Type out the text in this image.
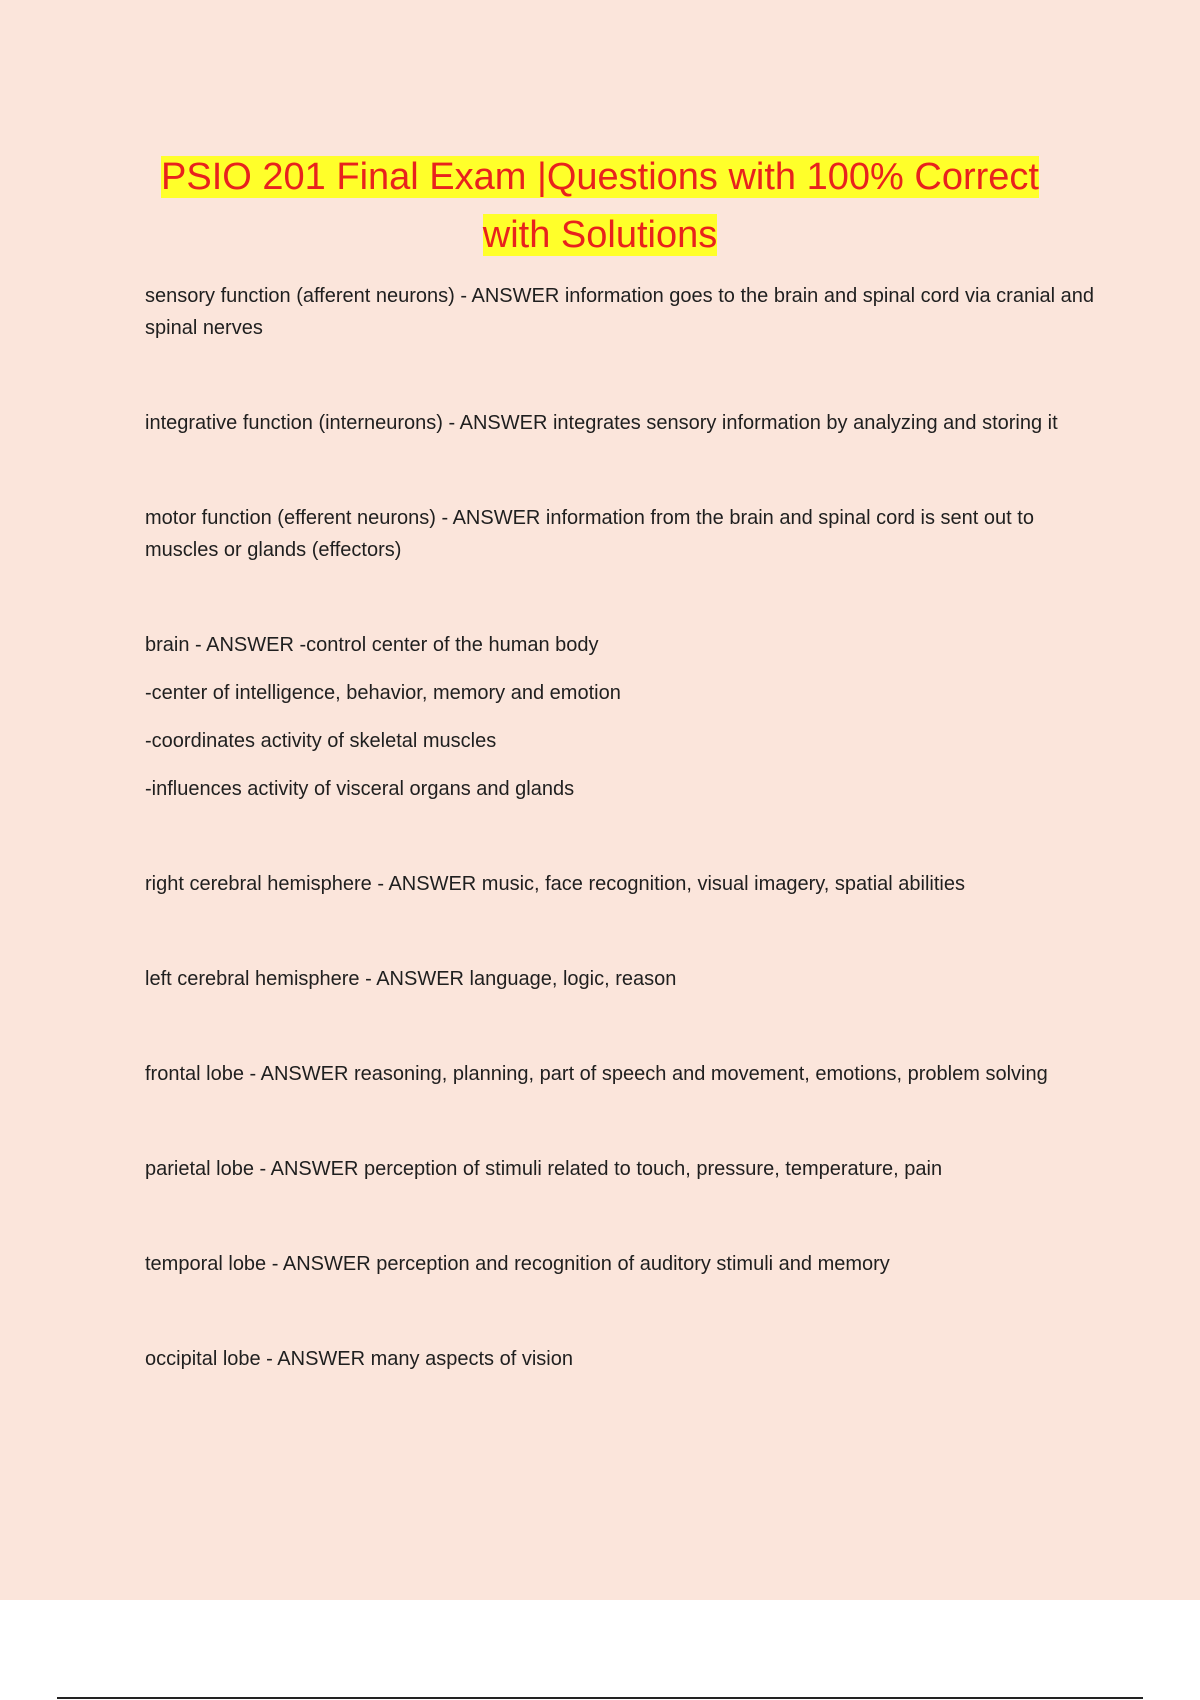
PSIO 201 Final Exam |Questions with 100% Correct
with Solutions

sensory function (afferent neurons) - ANSWER information goes to the brain and spinal cord via cranial and spinal nerves

integrative function (interneurons) - ANSWER integrates sensory information by analyzing and storing it

motor function (efferent neurons) - ANSWER information from the brain and spinal cord is sent out to muscles or glands (effectors)

brain - ANSWER -control center of the human body

-center of intelligence, behavior, memory and emotion

-coordinates activity of skeletal muscles

-influences activity of visceral organs and glands

right cerebral hemisphere - ANSWER music, face recognition, visual imagery, spatial abilities

left cerebral hemisphere - ANSWER language, logic, reason

frontal lobe - ANSWER reasoning, planning, part of speech and movement, emotions, problem solving

parietal lobe - ANSWER perception of stimuli related to touch, pressure, temperature, pain

temporal lobe - ANSWER perception and recognition of auditory stimuli and memory

occipital lobe - ANSWER many aspects of vision
